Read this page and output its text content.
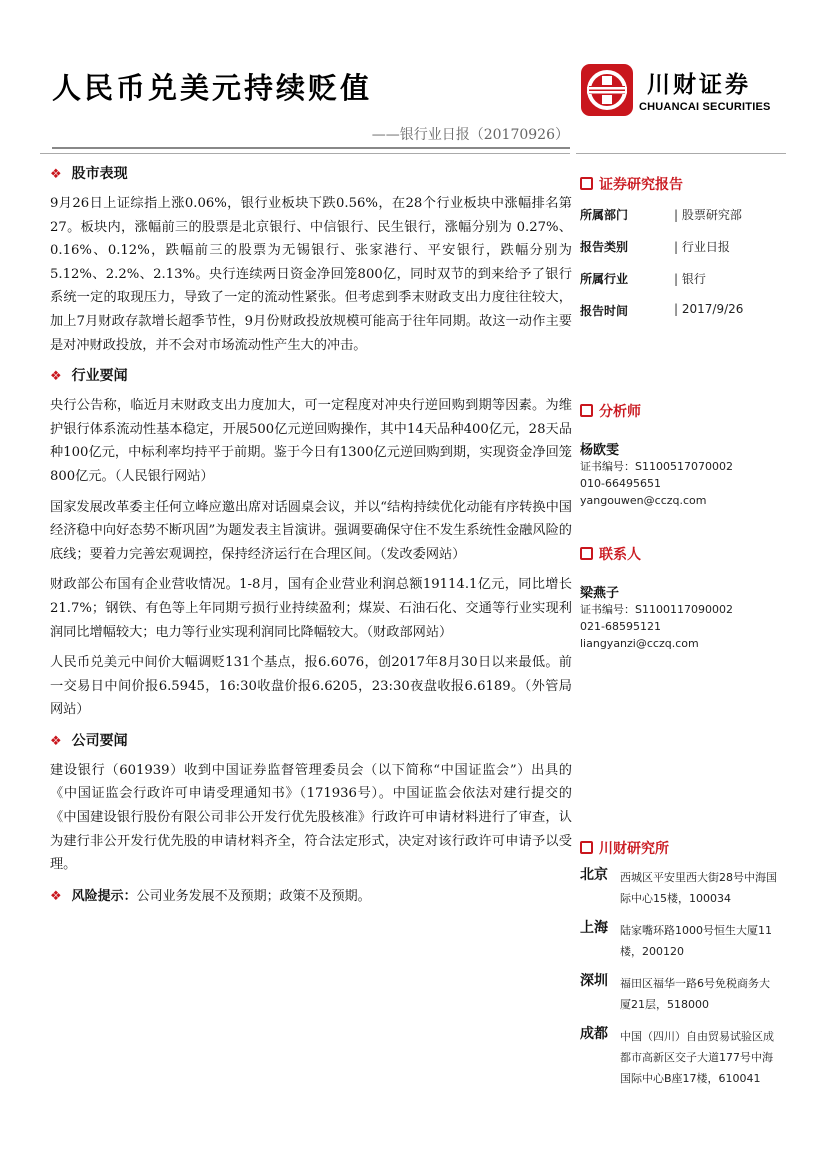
人民币兑美元持续贬值
——银行业日报（20170926）
川财证券
CHUANCAI SECURITIES
❖ 股市表现

9月26日上证综指上涨0.06%，银行业板块下跌0.56%，在28个行业板块中涨幅排名第27。板块内，涨幅前三的股票是北京银行、中信银行、民生银行，涨幅分别为 0.27%、0.16%、0.12%，跌幅前三的股票为无锡银行、张家港行、平安银行，跌幅分别为5.12%、2.2%、2.13%。央行连续两日资金净回笼800亿，同时双节的到来给予了银行系统一定的取现压力，导致了一定的流动性紧张。但考虑到季末财政支出力度往往较大，加上7月财政存款增长超季节性，9月份财政投放规模可能高于往年同期。故这一动作主要是对冲财政投放，并不会对市场流动性产生大的冲击。

❖ 行业要闻

央行公告称，临近月末财政支出力度加大，可一定程度对冲央行逆回购到期等因素。为维护银行体系流动性基本稳定，开展500亿元逆回购操作，其中14天品种400亿元，28天品种100亿元，中标利率均持平于前期。鉴于今日有1300亿元逆回购到期，实现资金净回笼800亿元。（人民银行网站）

国家发展改革委主任何立峰应邀出席对话圆桌会议，并以“结构持续优化动能有序转换中国经济稳中向好态势不断巩固”为题发表主旨演讲。强调要确保守住不发生系统性金融风险的底线；要着力完善宏观调控，保持经济运行在合理区间。（发改委网站）

财政部公布国有企业营收情况。1-8月，国有企业营业利润总额19114.1亿元，同比增长21.7%；钢铁、有色等上年同期亏损行业持续盈利；煤炭、石油石化、交通等行业实现利润同比增幅较大；电力等行业实现利润同比降幅较大。（财政部网站）

人民币兑美元中间价大幅调贬131个基点，报6.6076，创2017年8月30日以来最低。前一交易日中间价报6.5945，16:30收盘价报6.6205，23:30夜盘收报6.6189。（外管局网站）

❖ 公司要闻

建设银行（601939）收到中国证券监督管理委员会（以下简称“中国证监会”）出具的《中国证监会行政许可申请受理通知书》（171936号）。中国证监会依法对建行提交的《中国建设银行股份有限公司非公开发行优先股核准》行政许可申请材料进行了审查，认为建行非公开发行优先股的申请材料齐全，符合法定形式，决定对该行政许可申请予以受理。

❖ 风险提示：公司业务发展不及预期；政策不及预期。
证券研究报告
所属部门	| 股票研究部
报告类别	| 行业日报
所属行业	| 银行
报告时间	| 2017/9/26
分析师
杨欧雯
证书编号：S1100517070002
010-66495651
yangouwen@cczq.com
联系人
梁燕子
证书编号：S1100117090002
021-68595121
liangyanzi@cczq.com
川财研究所
北京 西城区平安里西大街28号中海国际中心15楼，100034
上海 陆家嘴环路1000号恒生大厦11楼，200120
深圳 福田区福华一路6号免税商务大厦21层，518000
成都 中国（四川）自由贸易试验区成都市高新区交子大道177号中海国际中心B座17楼，610041
